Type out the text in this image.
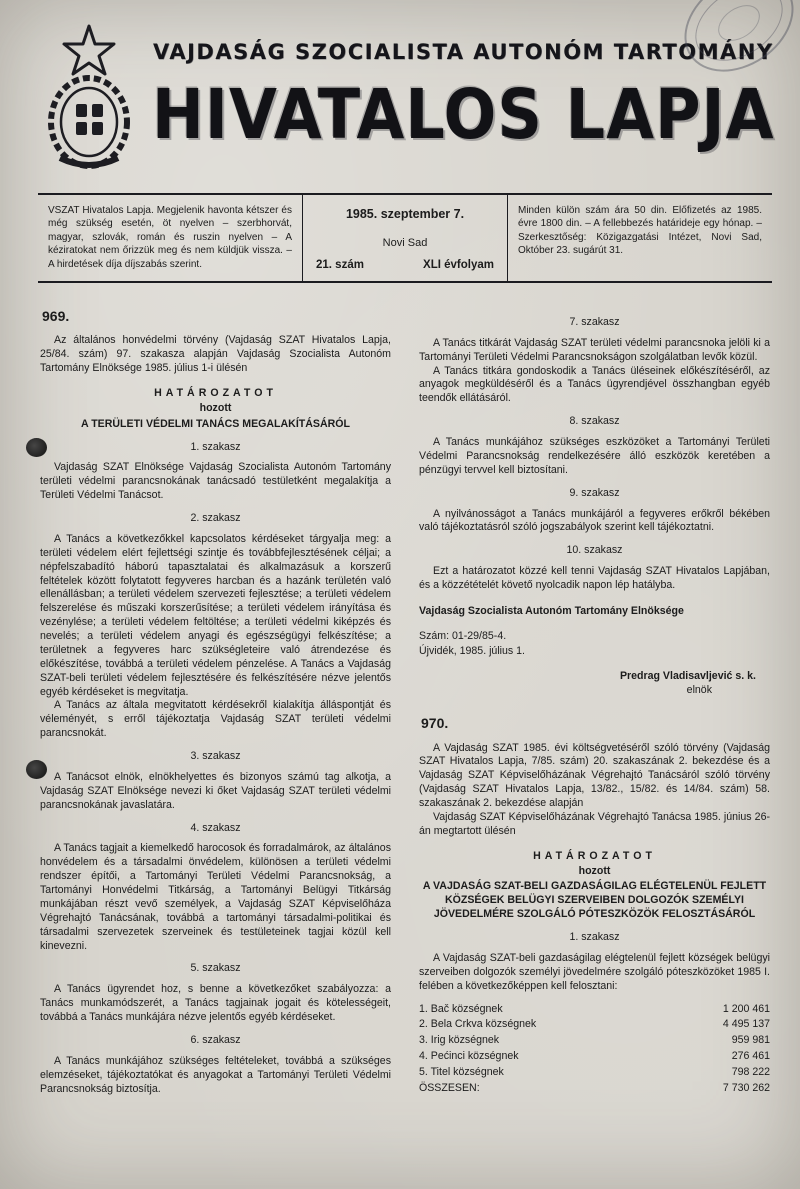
VAJDASÁG SZOCIALISTA AUTONÓM TARTOMÁNY
HIVATALOS LAPJA
VSZAT Hivatalos Lapja. Megjelenik havonta kétszer és még szükség esetén, öt nyelven – szerbhorvát, magyar, szlovák, román és ruszin nyelven – A kéziratokat nem őrizzük meg és nem küldjük vissza. – A hirdetések díja díjszabás szerint.
1985. szeptember 7.
Novi Sad
21. szám	XLI évfolyam
Minden külön szám ára 50 din. Előfizetés az 1985. évre 1800 din. – A fellebbezés határideje egy hónap. – Szerkesztőség: Közigazgatási Intézet, Novi Sad, Október 23. sugárút 31.
969.
Az általános honvédelmi törvény (Vajdaság SZAT Hivatalos Lapja, 25/84. szám) 97. szakasza alapján Vajdaság Szocialista Autonóm Tartomány Elnöksége 1985. július 1-i ülésén
HATÁROZATOT
hozott
A TERÜLETI VÉDELMI TANÁCS MEGALAKÍTÁSÁRÓL
1. szakasz
Vajdaság SZAT Elnöksége Vajdaság Szocialista Autonóm Tartomány területi védelmi parancsnokának tanácsadó testületként megalakítja a Területi Védelmi Tanácsot.
2. szakasz
A Tanács a következőkkel kapcsolatos kérdéseket tárgyalja meg: a területi védelem elért fejlettségi szintje és továbbfejlesztésének céljai; a népfelszabadító háború tapasztalatai és alkalmazásuk a korszerű feltételek között folytatott fegyveres harcban és a hazánk területén való ellenállásban; a területi védelem szervezeti fejlesztése; a területi védelem felszerelése és műszaki korszerűsítése; a területi védelem irányítása és vezénylése; a területi védelem feltöltése; a területi védelmi kiképzés és nevelés; a területi védelem anyagi és egészségügyi felkészítése; a területnek a fegyveres harc szükségleteire való átrendezése és előkészítése, továbbá a területi védelem pénzelése. A Tanács a Vajdaság SZAT-beli területi védelem fejlesztésére és felkészítésére nézve jelentős egyéb kérdéseket is megvitatja.
A Tanács az általa megvitatott kérdésekről kialakítja álláspontját és véleményét, s erről tájékoztatja Vajdaság SZAT területi védelmi parancsnokát.
3. szakasz
A Tanácsot elnök, elnökhelyettes és bizonyos számú tag alkotja, a Vajdaság SZAT Elnöksége nevezi ki őket Vajdaság SZAT területi védelmi parancsnokának javaslatára.
4. szakasz
A Tanács tagjait a kiemelkedő harocosok és forradalmárok, az általános honvédelem és a társadalmi önvédelem, különösen a területi védelmi rendszer építői, a Tartományi Területi Védelmi Parancsnokság, a Tartományi Honvédelmi Titkárság, a Tartományi Belügyi Titkárság munkájában részt vevő személyek, a Vajdaság SZAT Képviselőháza Végrehajtó Tanácsának, továbbá a tartományi társadalmi-politikai és társadalmi szervezetek szerveinek és testületeinek tagjai közül kell kinevezni.
5. szakasz
A Tanács ügyrendet hoz, s benne a következőket szabályozza: a Tanács munkamódszerét, a Tanács tagjainak jogait és kötelességeit, továbbá a Tanács munkájára nézve jelentős egyéb kérdéseket.
6. szakasz
A Tanács munkájához szükséges feltételeket, továbbá a szükséges elemzéseket, tájékoztatókat és anyagokat a Tartományi Területi Védelmi Parancsnokság biztosítja.
7. szakasz
A Tanács titkárát Vajdaság SZAT területi védelmi parancsnoka jelöli ki a Tartományi Területi Védelmi Parancsnokságon szolgálatban levők közül.
A Tanács titkára gondoskodik a Tanács üléseinek előkészítéséről, az anyagok megküldéséről és a Tanács ügyrendjével összhangban egyéb teendők ellátásáról.
8. szakasz
A Tanács munkájához szükséges eszközöket a Tartományi Területi Védelmi Parancsnokság rendelkezésére álló eszközök keretében a pénzügyi tervvel kell biztosítani.
9. szakasz
A nyilvánosságot a Tanács munkájáról a fegyveres erőkről békében való tájékoztatásról szóló jogszabályok szerint kell tájékoztatni.
10. szakasz
Ezt a határozatot közzé kell tenni Vajdaság SZAT Hivatalos Lapjában, és a közzétételét követő nyolcadik napon lép hatályba.
Vajdaság Szocialista Autonóm Tartomány Elnöksége
Szám: 01-29/85-4.
Újvidék, 1985. július 1.
Predrag Vladisavljević s. k.
elnök
970.
A Vajdaság SZAT 1985. évi költségvetéséről szóló törvény (Vajdaság SZAT Hivatalos Lapja, 7/85. szám) 20. szakaszának 2. bekezdése és a Vajdaság SZAT Képviselőházának Végrehajtó Tanácsáról szóló törvény (Vajdaság SZAT Hivatalos Lapja, 13/82., 15/82. és 14/84. szám) 58. szakaszának 2. bekezdése alapján
Vajdaság SZAT Képviselőházának Végrehajtó Tanácsa 1985. június 26-án megtartott ülésén
HATÁROZATOT
hozott
A VAJDASÁG SZAT-BELI GAZDASÁGILAG ELÉGTELENÜL FEJLETT KÖZSÉGEK BELÜGYI SZERVEIBEN DOLGOZÓK SZEMÉLYI JÖVEDELMÉRE SZOLGÁLÓ PÓTESZKÖZÖK FELOSZTÁSÁRÓL
1. szakasz
A Vajdaság SZAT-beli gazdaságilag elégtelenül fejlett községek belügyi szerveiben dolgozók személyi jövedelmére szolgáló póteszközöket 1985 I. felében a következőképpen kell felosztani:
1. Bač községnek	1 200 461
2. Bela Crkva községnek	4 495 137
3. Irig községnek	959 981
4. Pećinci községnek	276 461
5. Titel községnek	798 222
ÖSSZESEN:	7 730 262
